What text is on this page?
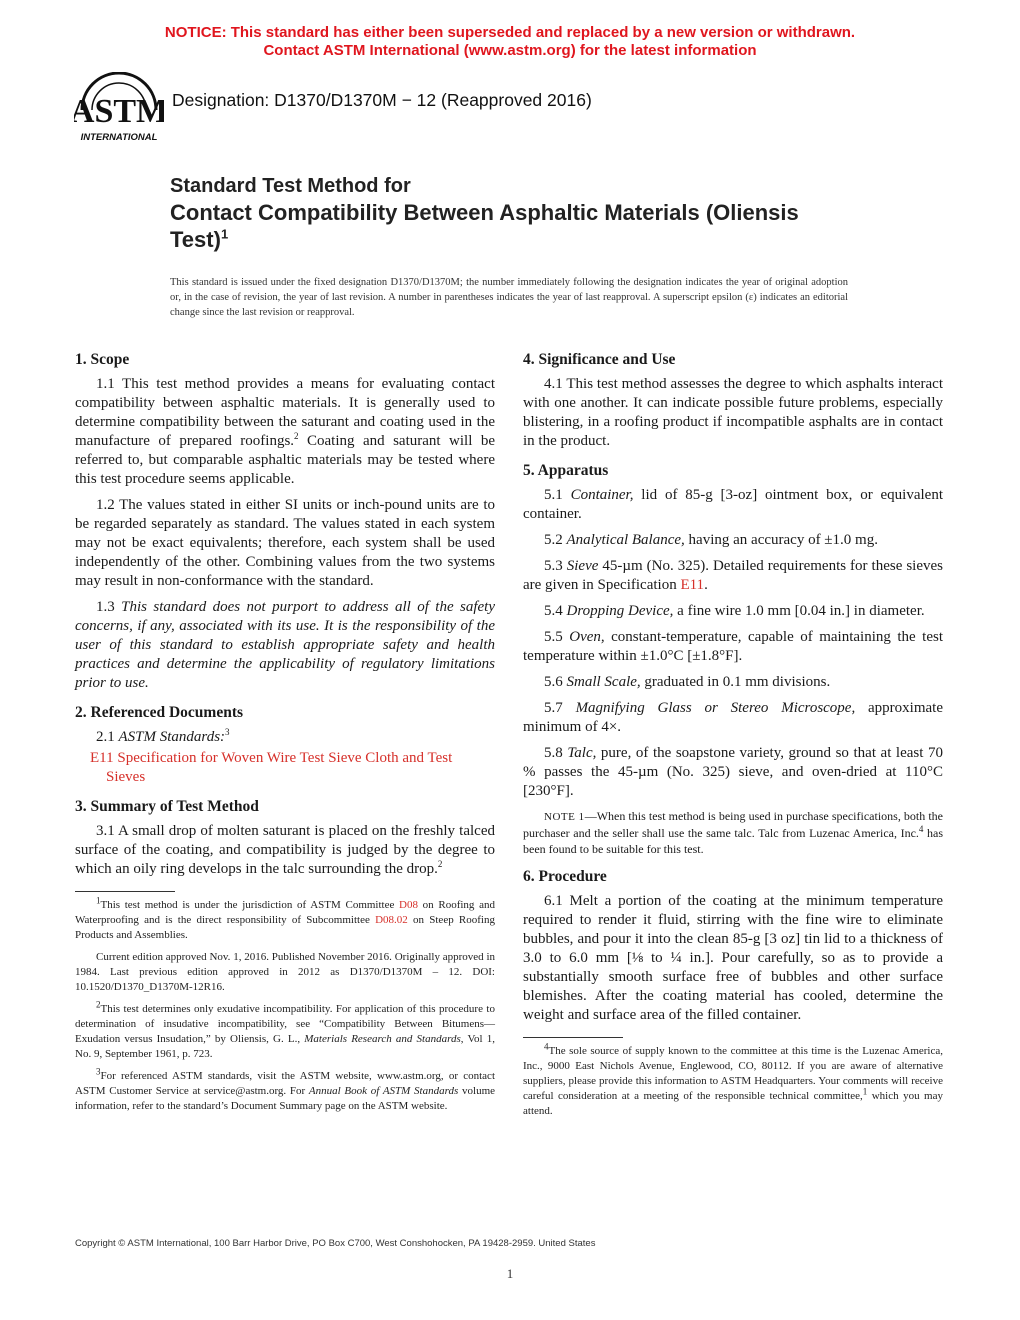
NOTICE: This standard has either been superseded and replaced by a new version or withdrawn.
Contact ASTM International (www.astm.org) for the latest information
ASTM
INTERNATIONAL
Designation: D1370/D1370M − 12 (Reapproved 2016)
Standard Test Method for
Contact Compatibility Between Asphaltic Materials (Oliensis
Test)$^1$
This standard is issued under the fixed designation D1370/D1370M; the number immediately following the designation indicates the year of original adoption or, in the case of revision, the year of last revision. A number in parentheses indicates the year of last reapproval. A superscript epsilon (ε) indicates an editorial change since the last revision or reapproval.
1. Scope

1.1 This test method provides a means for evaluating contact compatibility between asphaltic materials. It is generally used to determine compatibility between the saturant and coating used in the manufacture of prepared roofings.$^2$ Coating and saturant will be referred to, but comparable asphaltic materials may be tested where this test procedure seems applicable.

1.2 The values stated in either SI units or inch-pound units are to be regarded separately as standard. The values stated in each system may not be exact equivalents; therefore, each system shall be used independently of the other. Combining values from the two systems may result in non-conformance with the standard.

1.3 This standard does not purport to address all of the safety concerns, if any, associated with its use. It is the responsibility of the user of this standard to establish appropriate safety and health practices and determine the applicability of regulatory limitations prior to use.

2. Referenced Documents

2.1 ASTM Standards:$^3$

E11 Specification for Woven Wire Test Sieve Cloth and Test Sieves
3. Summary of Test Method

3.1 A small drop of molten saturant is placed on the freshly talced surface of the coating, and compatibility is judged by the degree to which an oily ring develops in the talc surrounding the drop.$^2$

$^1$This test method is under the jurisdiction of ASTM Committee D08 on Roofing and Waterproofing and is the direct responsibility of Subcommittee D08.02 on Steep Roofing Products and Assemblies.

Current edition approved Nov. 1, 2016. Published November 2016. Originally approved in 1984. Last previous edition approved in 2012 as D1370/D1370M – 12. DOI: 10.1520/D1370_D1370M-12R16.

$^2$This test determines only exudative incompatibility. For application of this procedure to determination of insudative incompatibility, see “Compatibility Between Bitumens—Exudation versus Insudation,” by Oliensis, G. L., Materials Research and Standards, Vol 1, No. 9, September 1961, p. 723.

$^3$For referenced ASTM standards, visit the ASTM website, www.astm.org, or contact ASTM Customer Service at service@astm.org. For Annual Book of ASTM Standards volume information, refer to the standard’s Document Summary page on the ASTM website.

4. Significance and Use

4.1 This test method assesses the degree to which asphalts interact with one another. It can indicate possible future problems, especially blistering, in a roofing product if incompatible asphalts are in contact in the product.

5. Apparatus

5.1 Container, lid of 85-g [3-oz] ointment box, or equivalent container.

5.2 Analytical Balance, having an accuracy of ±1.0 mg.

5.3 Sieve 45-µm (No. 325). Detailed requirements for these sieves are given in Specification E11.

5.4 Dropping Device, a fine wire 1.0 mm [0.04 in.] in diameter.

5.5 Oven, constant-temperature, capable of maintaining the test temperature within ±1.0°C [±1.8°F].

5.6 Small Scale, graduated in 0.1 mm divisions.

5.7 Magnifying Glass or Stereo Microscope, approximate minimum of 4×.

5.8 Talc, pure, of the soapstone variety, ground so that at least 70 % passes the 45-µm (No. 325) sieve, and oven-dried at 110°C [230°F].

NOTE 1—When this test method is being used in purchase specifications, both the purchaser and the seller shall use the same talc. Talc from Luzenac America, Inc.$^4$ has been found to be suitable for this test.

6. Procedure

6.1 Melt a portion of the coating at the minimum temperature required to render it fluid, stirring with the fine wire to eliminate bubbles, and pour it into the clean 85-g [3 oz] tin lid to a thickness of 3.0 to 6.0 mm [⅛ to ¼ in.]. Pour carefully, so as to provide a substantially smooth surface free of bubbles and other surface blemishes. After the coating material has cooled, determine the weight and surface area of the filled container.

$^4$The sole source of supply known to the committee at this time is the Luzenac America, Inc., 9000 East Nichols Avenue, Englewood, CO, 80112. If you are aware of alternative suppliers, please provide this information to ASTM Headquarters. Your comments will receive careful consideration at a meeting of the responsible technical committee,$^1$ which you may attend.

Copyright © ASTM International, 100 Barr Harbor Drive, PO Box C700, West Conshohocken, PA 19428-2959. United States
1
